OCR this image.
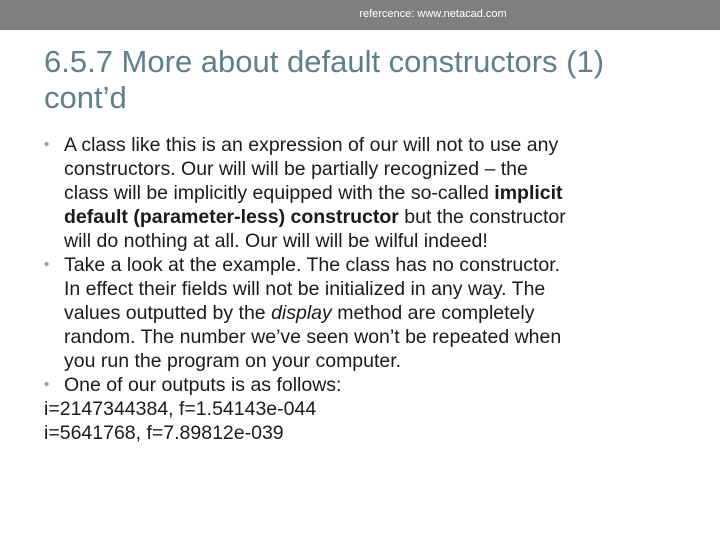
refercence: www.netacad.com
6.5.7 More about default constructors (1)
cont’d
• A class like this is an expression of our will not to use any
constructors. Our will will be partially recognized – the
class will be implicitly equipped with the so-called implicit
default (parameter-less) constructor but the constructor
will do nothing at all. Our will will be wilful indeed!
• Take a look at the example. The class has no constructor.
In effect their fields will not be initialized in any way. The
values outputted by the display method are completely
random. The number we’ve seen won’t be repeated when
you run the program on your computer.
• One of our outputs is as follows:
i=2147344384, f=1.54143e-044
i=5641768, f=7.89812e-039
